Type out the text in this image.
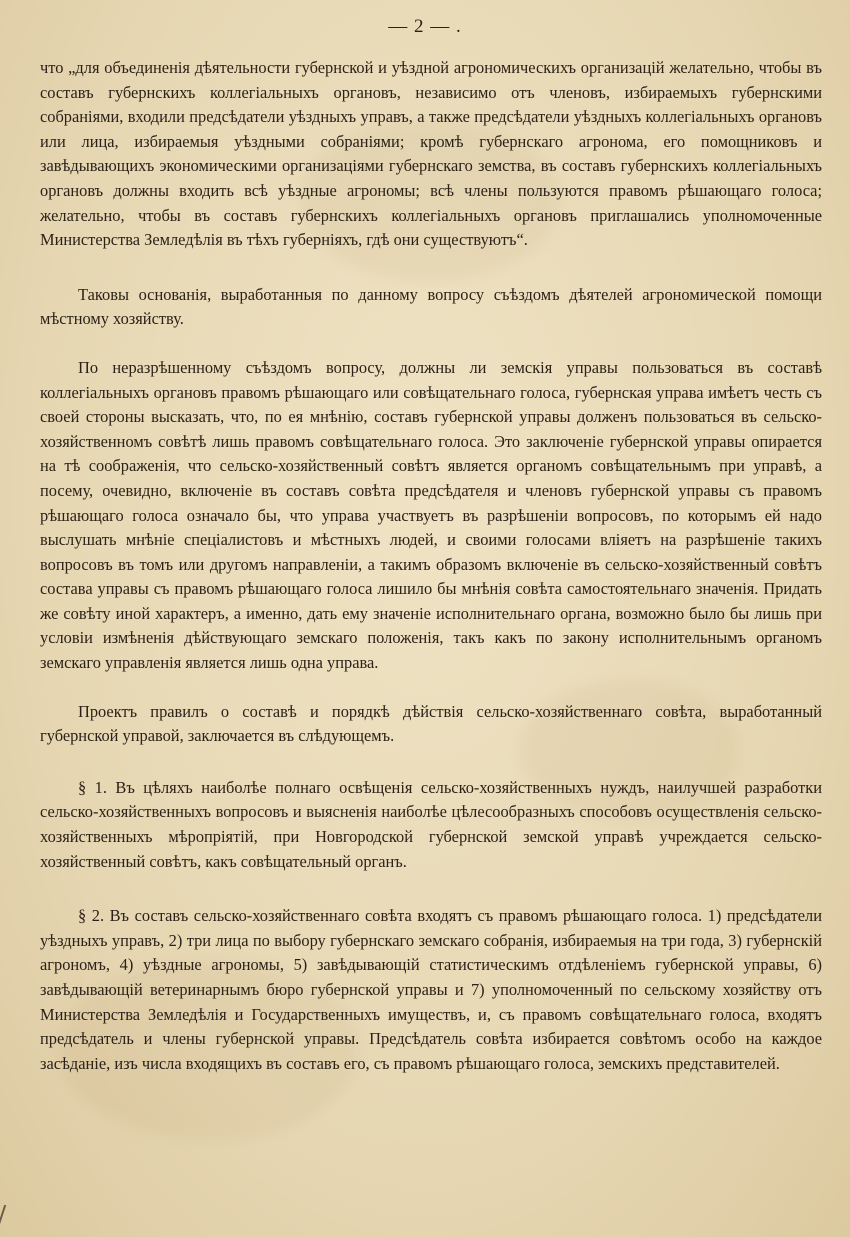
— 2 — .

что „для объединенія дѣятельности губернской и уѣздной агрономическихъ организацій желательно, чтобы въ составъ губернскихъ коллегіальныхъ органовъ, независимо отъ членовъ, избираемыхъ губернскими собраніями, входили предсѣдатели уѣздныхъ управъ, а также предсѣдатели уѣздныхъ коллегіальныхъ органовъ или лица, избираемыя уѣздными собраніями; кромѣ губернскаго агронома, его помощниковъ и завѣдывающихъ экономическими организаціями губернскаго земства, въ составъ губернскихъ коллегіальныхъ органовъ должны входить всѣ уѣздные агрономы; всѣ члены пользуются правомъ рѣшающаго голоса; желательно, чтобы въ составъ губернскихъ коллегіальныхъ органовъ приглашались уполномоченные Министерства Земледѣлія въ тѣхъ губерніяхъ, гдѣ они существуютъ“.

Таковы основанія, выработанныя по данному вопросу съѣздомъ дѣятелей агрономической помощи мѣстному хозяйству.

По неразрѣшенному съѣздомъ вопросу, должны ли земскія управы пользоваться въ составѣ коллегіальныхъ органовъ правомъ рѣшающаго или совѣщательнаго голоса, губернская управа имѣетъ честь съ своей стороны высказать, что, по ея мнѣнію, составъ губернской управы долженъ пользоваться въ сельско-хозяйственномъ совѣтѣ лишь правомъ совѣщательнаго голоса. Это заключеніе губернской управы опирается на тѣ соображенія, что сельско-хозяйственный совѣтъ является органомъ совѣщательнымъ при управѣ, а посему, очевидно, включеніе въ составъ совѣта предсѣдателя и членовъ губернской управы съ правомъ рѣшающаго голоса означало бы, что управа участвуетъ въ разрѣшеніи вопросовъ, по которымъ ей надо выслушать мнѣніе спеціалистовъ и мѣстныхъ людей, и своими голосами вліяетъ на разрѣшеніе такихъ вопросовъ въ томъ или другомъ направленіи, а такимъ образомъ включеніе въ сельско-хозяйственный совѣтъ состава управы съ правомъ рѣшающаго голоса лишило бы мнѣнія совѣта самостоятельнаго значенія. Придать же совѣту иной характеръ, а именно, дать ему значеніе исполнительнаго органа, возможно было бы лишь при условіи измѣненія дѣйствующаго земскаго положенія, такъ какъ по закону исполнительнымъ органомъ земскаго управленія является лишь одна управа.

Проектъ правилъ о составѣ и порядкѣ дѣйствія сельско-хозяйственнаго совѣта, выработанный губернской управой, заключается въ слѣдующемъ.

§ 1. Въ цѣляхъ наиболѣе полнаго освѣщенія сельско-хозяйственныхъ нуждъ, наилучшей разработки сельско-хозяйственныхъ вопросовъ и выясненія наиболѣе цѣлесообразныхъ способовъ осуществленія сельско-хозяйственныхъ мѣропріятій, при Новгородской губернской земской управѣ учреждается сельско-хозяйственный совѣтъ, какъ совѣщательный органъ.

§ 2. Въ составъ сельско-хозяйственнаго совѣта входятъ съ правомъ рѣшающаго голоса. 1) предсѣдатели уѣздныхъ управъ, 2) три лица по выбору губернскаго земскаго собранія, избираемыя на три года, 3) губернскій агрономъ, 4) уѣздные агрономы, 5) завѣдывающій статистическимъ отдѣленіемъ губернской управы, 6) завѣдывающій ветеринарнымъ бюро губернской управы и 7) уполномоченный по сельскому хозяйству отъ Министерства Земледѣлія и Государственныхъ имуществъ, и, съ правомъ совѣщательнаго голоса, входятъ предсѣдатель и члены губернской управы. Предсѣдатель совѣта избирается совѣтомъ особо на каждое засѣданіе, изъ числа входящихъ въ составъ его, съ правомъ рѣшающаго голоса, земскихъ представителей.
